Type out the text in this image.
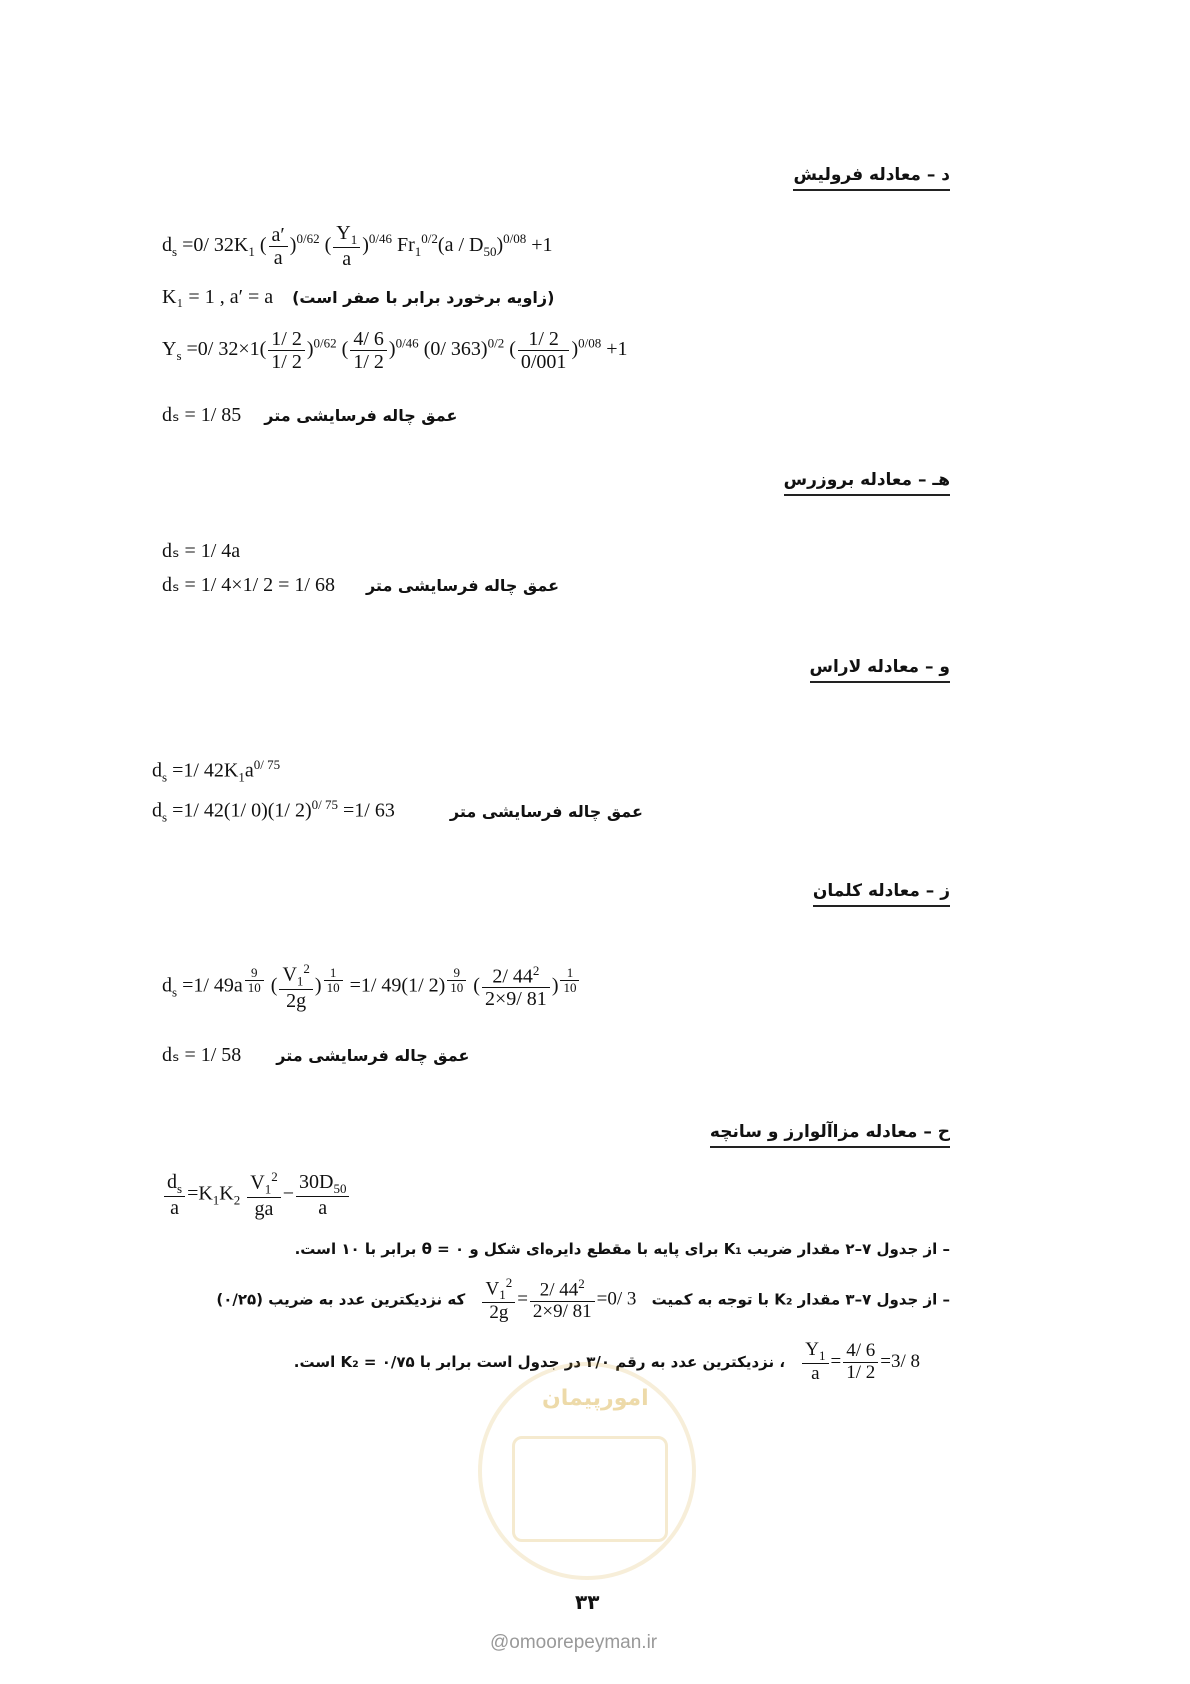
د – معادله فرولیش
$d_s =0/$ $32K_1$ ( $\frac{a'}{a} )^{0/62}$ ( $\frac{Y_1}{a} )^{0/46}$ $Fr_1^{0/2}(a / D_{50})^{0/08} +1$
K₁ = 1 , a′ = a (زاویه برخورد برابر با صفر است)
$Y_s =0/$ $32\times 1( \frac{1/ 2}{1/ 2} )^{0/62}$ ( $\frac{4/ 6}{1/ 2} )^{0/46}$ (0/ 363)$^{0/2}$ ( $\frac{1/ 2}{0/001} )^{0/08} +1$
dₛ = 1/ 85 عمق چاله فرسایشی متر
هـ – معادله بروزرس
dₛ = 1/ 4a
dₛ = 1/ 4×1/ 2 = 1/ 68 عمق چاله فرسایشی متر
و – معادله لاراس
$d_s =1/$ $42K_1a^{0/ 75}$
$d_s =1/$ 42(1/ 0)(1/ 2)$^{0/ 75}$ =1/ 63	عمق چاله فرسایشی متر
ز – معادله کلمان
$d_s =1/$ 49a $^{\frac{9}{10}}$ ( $\frac{V_1^2}{2g}$ ) $^{\frac{1}{10}}$ =1/ 49(1/ 2) $^{\frac{9}{10}}$ ( $\frac{2/ 44^2}{2\times 9/ 81}$ ) $^{\frac{1}{10}}$
dₛ = 1/ 58 عمق چاله فرسایشی متر
ح – معادله مزاآلوارز و سانچه
$\frac{d_s}{a} =K_1K_2 \frac{V_1^2}{ga} - \frac{30D_{50}}{a}$
– از جدول ۷–۲ مقدار ضریب K₁ برای پایه با مقطع دایره‌ای شکل و ۰ = θ برابر با ۱۰ است.
– از جدول ۷–۳ مقدار K₂ با توجه به کمیت
$\frac{V_1^2}{2g} = \frac{2/ 44^2}{2\times 9/ 81} =0/$ 3 که نزدیکترین عدد به ضریب (۰/۲۵)
$\frac{Y_1}{a} = \frac{4/ 6}{1/ 2} =3/$ 8 ، نزدیکترین عدد به رقم ۳/۰ در جدول است برابر با ۰/۷۵ = K₂ است.
امورپیمان
۳۳
@omoorepeyman.ir
